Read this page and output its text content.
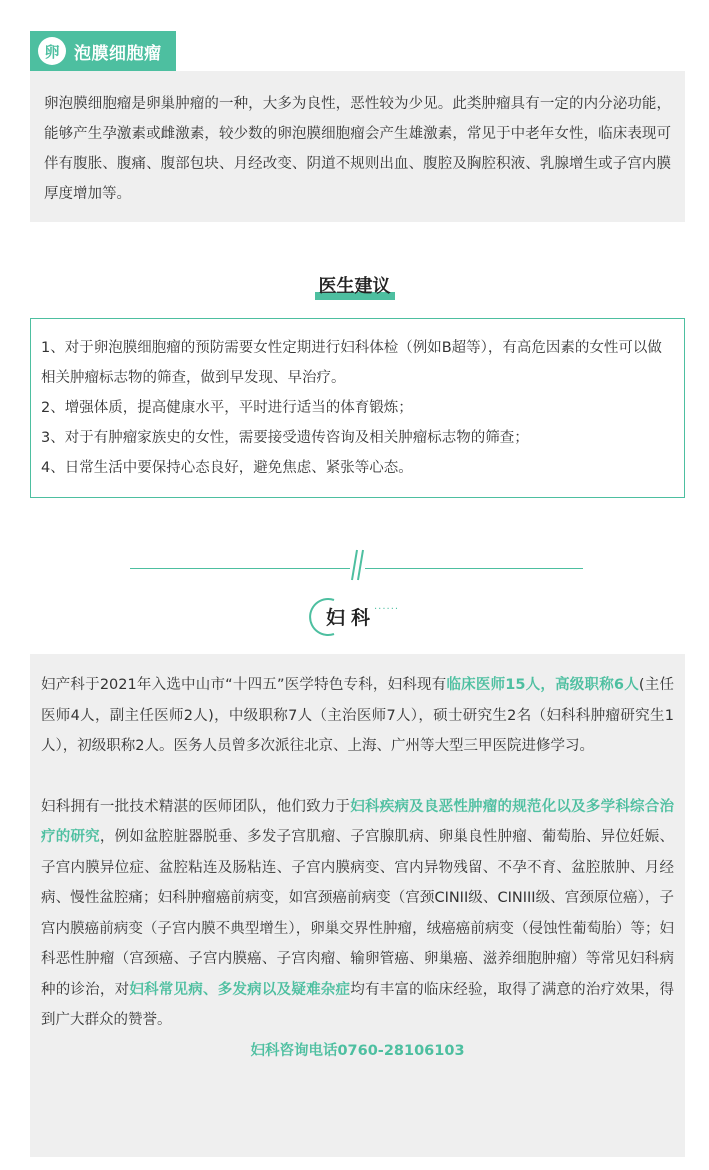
卵 泡膜细胞瘤
卵泡膜细胞瘤是卵巢肿瘤的一种，大多为良性，恶性较为少见。此类肿瘤具有一定的内分泌功能，能够产生孕激素或雌激素，较少数的卵泡膜细胞瘤会产生雄激素，常见于中老年女性，临床表现可伴有腹胀、腹痛、腹部包块、月经改变、阴道不规则出血、腹腔及胸腔积液、乳腺增生或子宫内膜厚度增加等。
医生建议

1、对于卵泡膜细胞瘤的预防需要女性定期进行妇科体检（例如B超等），有高危因素的女性可以做相关肿瘤标志物的筛查，做到早发现、早治疗。

2、增强体质，提高健康水平，平时进行适当的体育锻炼；

3、对于有肿瘤家族史的女性，需要接受遗传咨询及相关肿瘤标志物的筛查；

4、日常生活中要保持心态良好，避免焦虑、紧张等心态。

妇科
······

妇产科于2021年入选中山市“十四五”医学特色专科，妇科现有临床医师15人，高级职称6人(主任医师4人，副主任医师2人)，中级职称7人（主治医师7人），硕士研究生2名（妇科科肿瘤研究生1人），初级职称2人。医务人员曾多次派往北京、上海、广州等大型三甲医院进修学习。

妇科拥有一批技术精湛的医师团队，他们致力于妇科疾病及良恶性肿瘤的规范化以及多学科综合治疗的研究，例如盆腔脏器脱垂、多发子宫肌瘤、子宫腺肌病、卵巢良性肿瘤、葡萄胎、异位妊娠、子宫内膜异位症、盆腔粘连及肠粘连、子宫内膜病变、宫内异物残留、不孕不育、盆腔脓肿、月经病、慢性盆腔痛；妇科肿瘤癌前病变，如宫颈癌前病变（宫颈CINII级、CINIII级、宫颈原位癌），子宫内膜癌前病变（子宫内膜不典型增生），卵巢交界性肿瘤，绒癌癌前病变（侵蚀性葡萄胎）等；妇科恶性肿瘤（宫颈癌、子宫内膜癌、子宫肉瘤、输卵管癌、卵巢癌、滋养细胞肿瘤）等常见妇科病种的诊治，对妇科常见病、多发病以及疑难杂症均有丰富的临床经验，取得了满意的治疗效果，得到广大群众的赞誉。

妇科咨询电话0760-28106103
